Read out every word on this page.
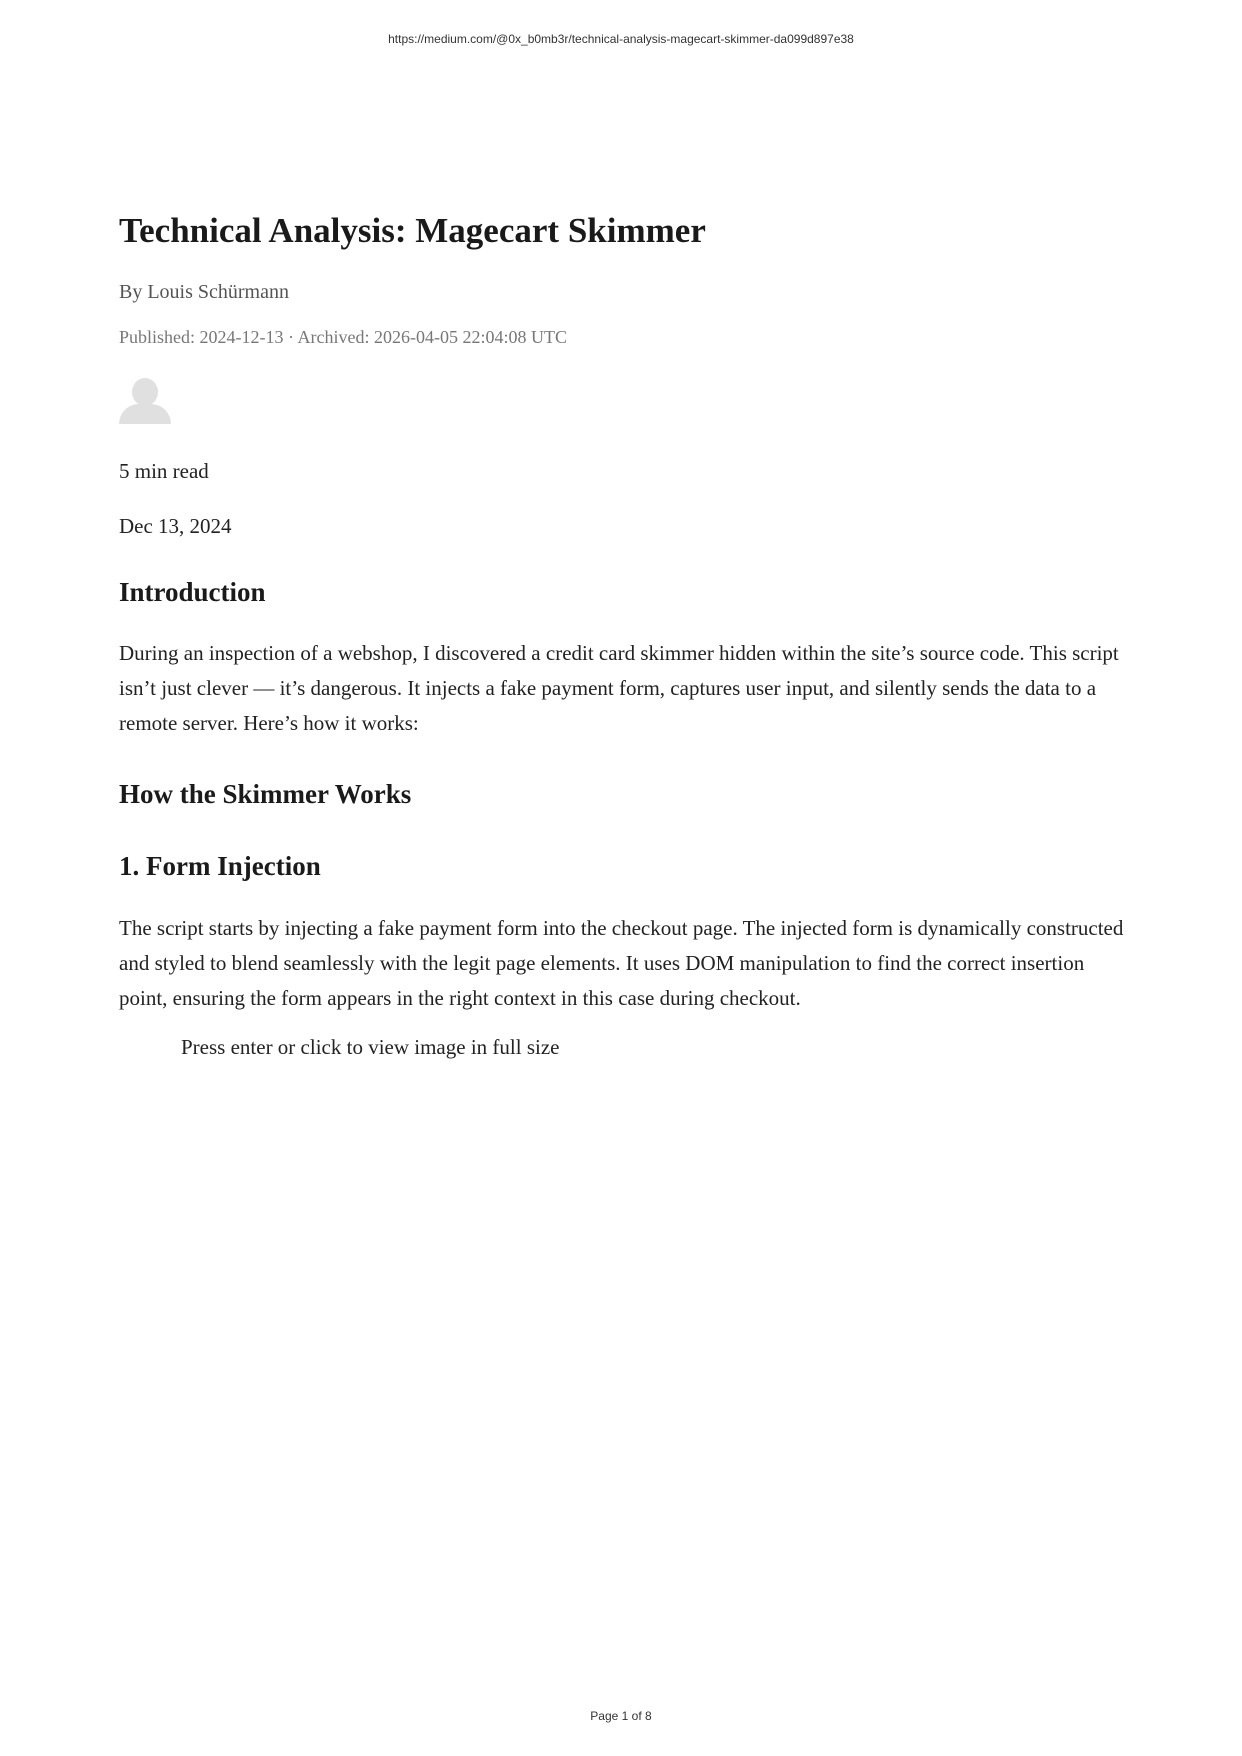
https://medium.com/@0x_b0mb3r/technical-analysis-magecart-skimmer-da099d897e38
Technical Analysis: Magecart Skimmer
By Louis Schürmann
Published: 2024-12-13 · Archived: 2026-04-05 22:04:08 UTC
5 min read
Dec 13, 2024
Introduction

During an inspection of a webshop, I discovered a credit card skimmer hidden within the site’s source code. This script isn’t just clever — it’s dangerous. It injects a fake payment form, captures user input, and silently sends the data to a remote server. Here’s how it works:

How the Skimmer Works
1. Form Injection

The script starts by injecting a fake payment form into the checkout page. The injected form is dynamically constructed and styled to blend seamlessly with the legit page elements. It uses DOM manipulation to find the correct insertion point, ensuring the form appears in the right context in this case during checkout.

Press enter or click to view image in full size
Page 1 of 8
